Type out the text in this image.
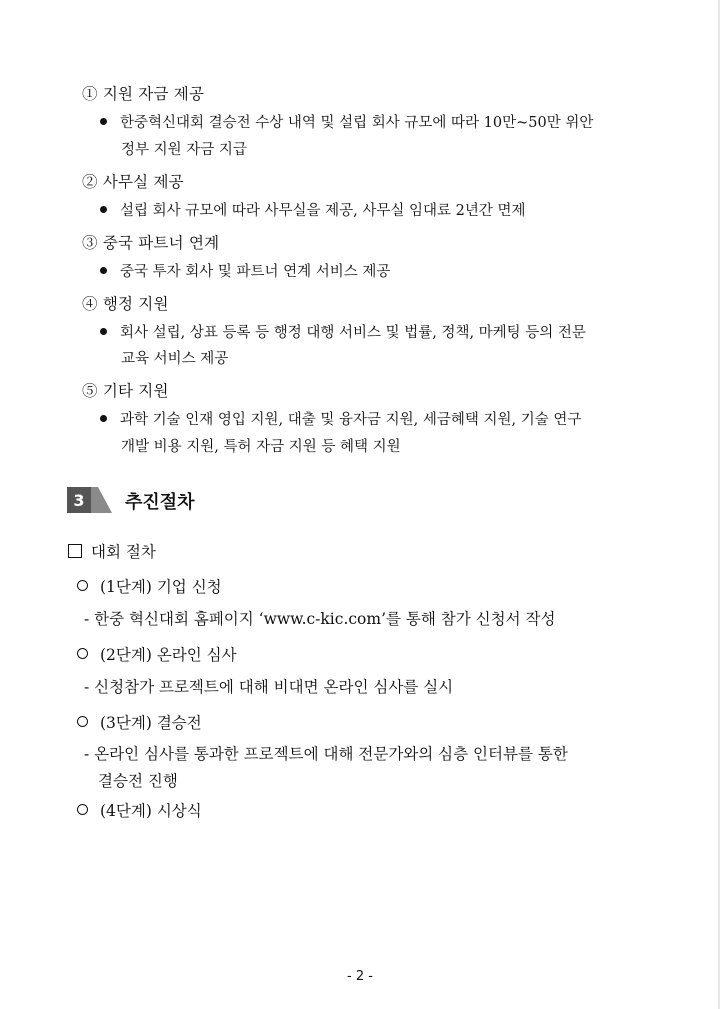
① 지원 자금 제공
한중혁신대회 결승전 수상 내역 및 설립 회사 규모에 따라 10만~50만 위안
정부 지원 자금 지급
② 사무실 제공
설립 회사 규모에 따라 사무실을 제공, 사무실 임대료 2년간 면제
③ 중국 파트너 연계
중국 투자 회사 및 파트너 연계 서비스 제공
④ 행정 지원
회사 설립, 상표 등록 등 행정 대행 서비스 및 법률, 정책, 마케팅 등의 전문
교육 서비스 제공
⑤ 기타 지원
과학 기술 인재 영입 지원, 대출 및 융자금 지원, 세금혜택 지원, 기술 연구
개발 비용 지원, 특허 자금 지원 등 혜택 지원
3 추진절차
대회 절차
(1단계) 기업 신청
- 한중 혁신대회 홈페이지 ‘www.c-kic.com’를 통해 참가 신청서 작성
(2단계) 온라인 심사
- 신청참가 프로젝트에 대해 비대면 온라인 심사를 실시
(3단계) 결승전
- 온라인 심사를 통과한 프로젝트에 대해 전문가와의 심층 인터뷰를 통한
결승전 진행
(4단계) 시상식
- 2 -
